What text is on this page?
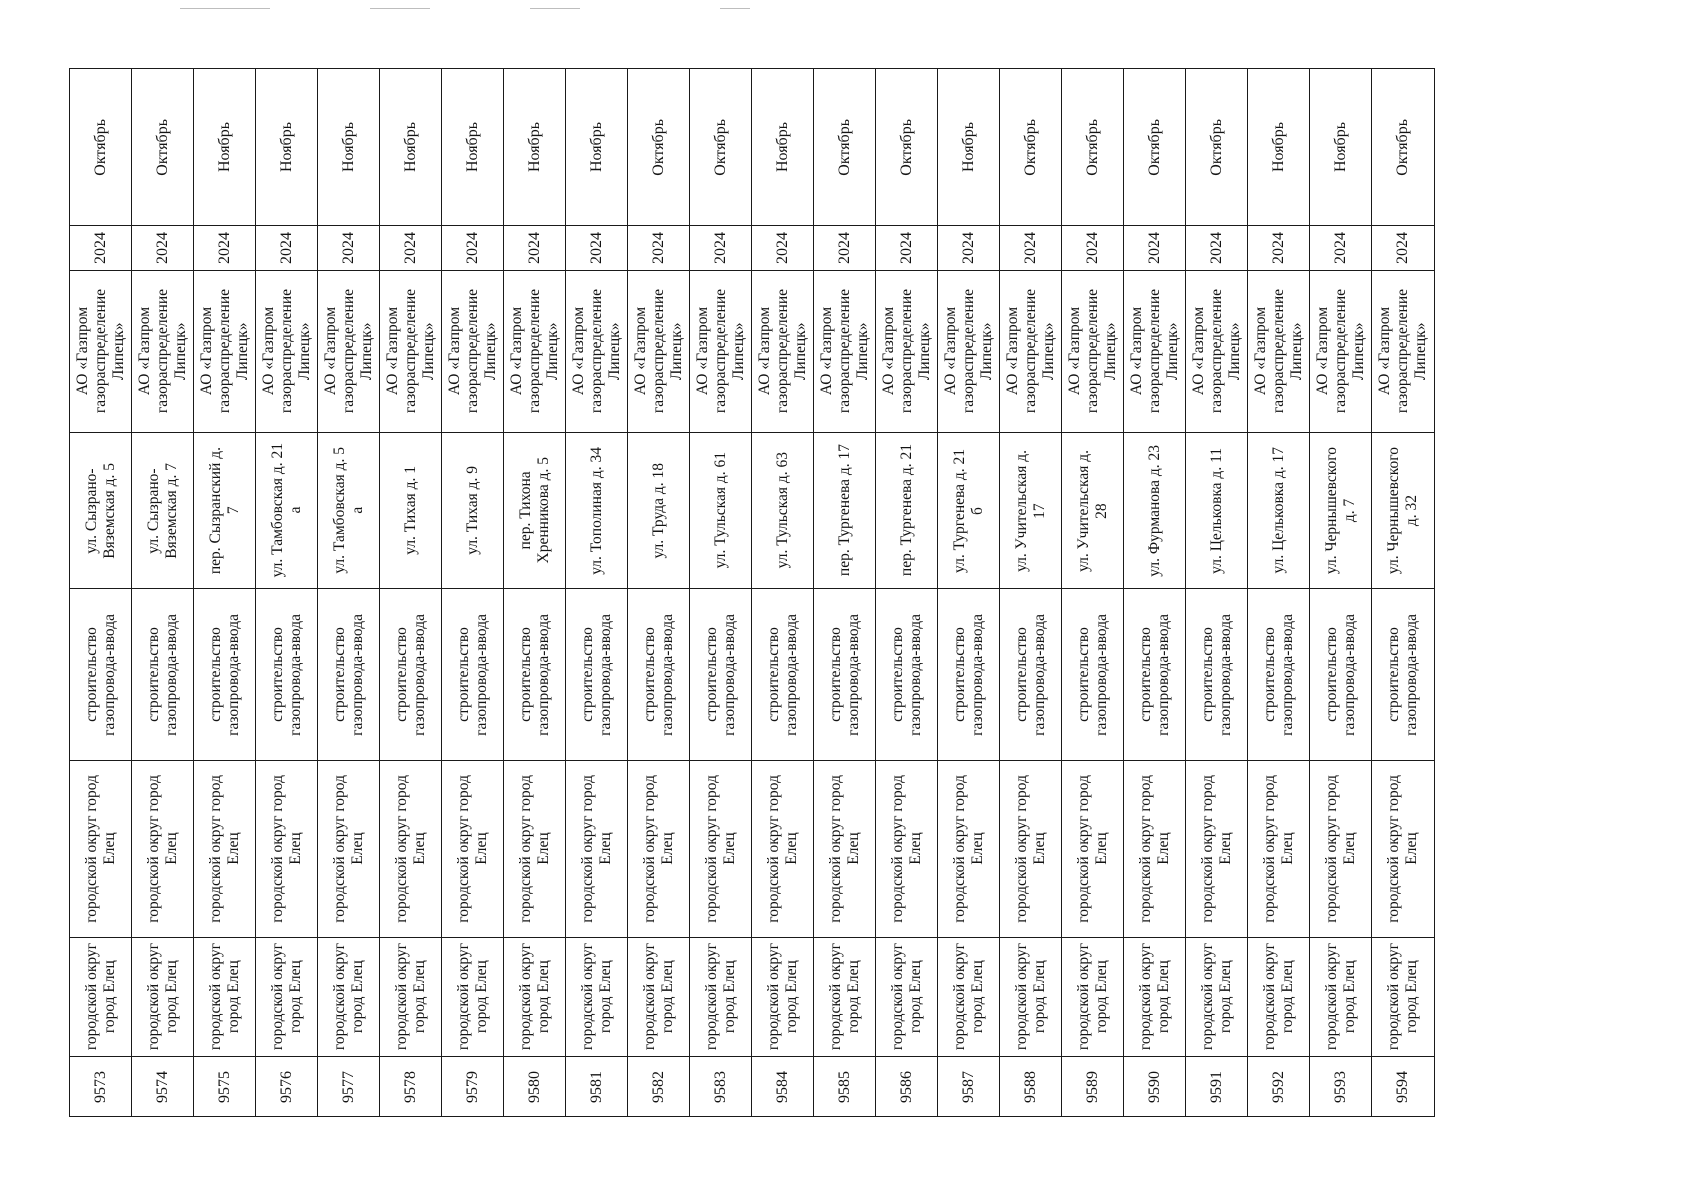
Октябрь	Октябрь	Ноябрь	Ноябрь	Ноябрь	Ноябрь	Ноябрь	Ноябрь	Ноябрь	Октябрь	Октябрь	Ноябрь	Октябрь	Октябрь	Ноябрь	Октябрь	Октябрь	Октябрь	Октябрь	Ноябрь	Ноябрь	Октябрь

2024	2024	2024	2024	2024	2024	2024	2024	2024	2024	2024	2024	2024	2024	2024	2024	2024	2024	2024	2024	2024	2024

АО «Газпром
газораспределение
Липецк»	АО «Газпром
газораспределение
Липецк»	АО «Газпром
газораспределение
Липецк»	АО «Газпром
газораспределение
Липецк»	АО «Газпром
газораспределение
Липецк»	АО «Газпром
газораспределение
Липецк»	АО «Газпром
газораспределение
Липецк»	АО «Газпром
газораспределение
Липецк»	АО «Газпром
газораспределение
Липецк»	АО «Газпром
газораспределение
Липецк»	АО «Газпром
газораспределение
Липецк»	АО «Газпром
газораспределение
Липецк»	АО «Газпром
газораспределение
Липецк»	АО «Газпром
газораспределение
Липецк»	АО «Газпром
газораспределение
Липецк»	АО «Газпром
газораспределение
Липецк»	АО «Газпром
газораспределение
Липецк»	АО «Газпром
газораспределение
Липецк»	АО «Газпром
газораспределение
Липецк»	АО «Газпром
газораспределение
Липецк»	АО «Газпром
газораспределение
Липецк»	АО «Газпром
газораспределение
Липецк»

ул. Сызрано-
Вяземская д. 5	ул. Сызрано-
Вяземская д. 7	пер. Сызранский д.
7	ул. Тамбовская д. 21
а	ул. Тамбовская д. 5
а	ул. Тихая д. 1	ул. Тихая д. 9	пер. Тихона
Хренникова д. 5	ул. Тополиная д. 34	ул. Труда д. 18	ул. Тульская д. 61	ул. Тульская д. 63	пер. Тургенева д. 17	пер. Тургенева д. 21	ул. Тургенева д. 21
б	ул. Учительская д.
17	ул. Учительская д.
28	ул. Фурманова д. 23	ул. Цельковка д. 11	ул. Цельковка д. 17	ул. Чернышевского
д. 7	ул. Чернышевского
д. 32

строительство
газопровода-ввода	строительство
газопровода-ввода	строительство
газопровода-ввода	строительство
газопровода-ввода	строительство
газопровода-ввода	строительство
газопровода-ввода	строительство
газопровода-ввода	строительство
газопровода-ввода	строительство
газопровода-ввода	строительство
газопровода-ввода	строительство
газопровода-ввода	строительство
газопровода-ввода	строительство
газопровода-ввода	строительство
газопровода-ввода	строительство
газопровода-ввода	строительство
газопровода-ввода	строительство
газопровода-ввода	строительство
газопровода-ввода	строительство
газопровода-ввода	строительство
газопровода-ввода	строительство
газопровода-ввода	строительство
газопровода-ввода

городской округ город
Елец	городской округ город
Елец	городской округ город
Елец	городской округ город
Елец	городской округ город
Елец	городской округ город
Елец	городской округ город
Елец	городской округ город
Елец	городской округ город
Елец	городской округ город
Елец	городской округ город
Елец	городской округ город
Елец	городской округ город
Елец	городской округ город
Елец	городской округ город
Елец	городской округ город
Елец	городской округ город
Елец	городской округ город
Елец	городской округ город
Елец	городской округ город
Елец	городской округ город
Елец	городской округ город
Елец

городской округ
город Елец	городской округ
город Елец	городской округ
город Елец	городской округ
город Елец	городской округ
город Елец	городской округ
город Елец	городской округ
город Елец	городской округ
город Елец	городской округ
город Елец	городской округ
город Елец	городской округ
город Елец	городской округ
город Елец	городской округ
город Елец	городской округ
город Елец	городской округ
город Елец	городской округ
город Елец	городской округ
город Елец	городской округ
город Елец	городской округ
город Елец	городской округ
город Елец	городской округ
город Елец	городской округ
город Елец

9573	9574	9575	9576	9577	9578	9579	9580	9581	9582	9583	9584	9585	9586	9587	9588	9589	9590	9591	9592	9593	9594
